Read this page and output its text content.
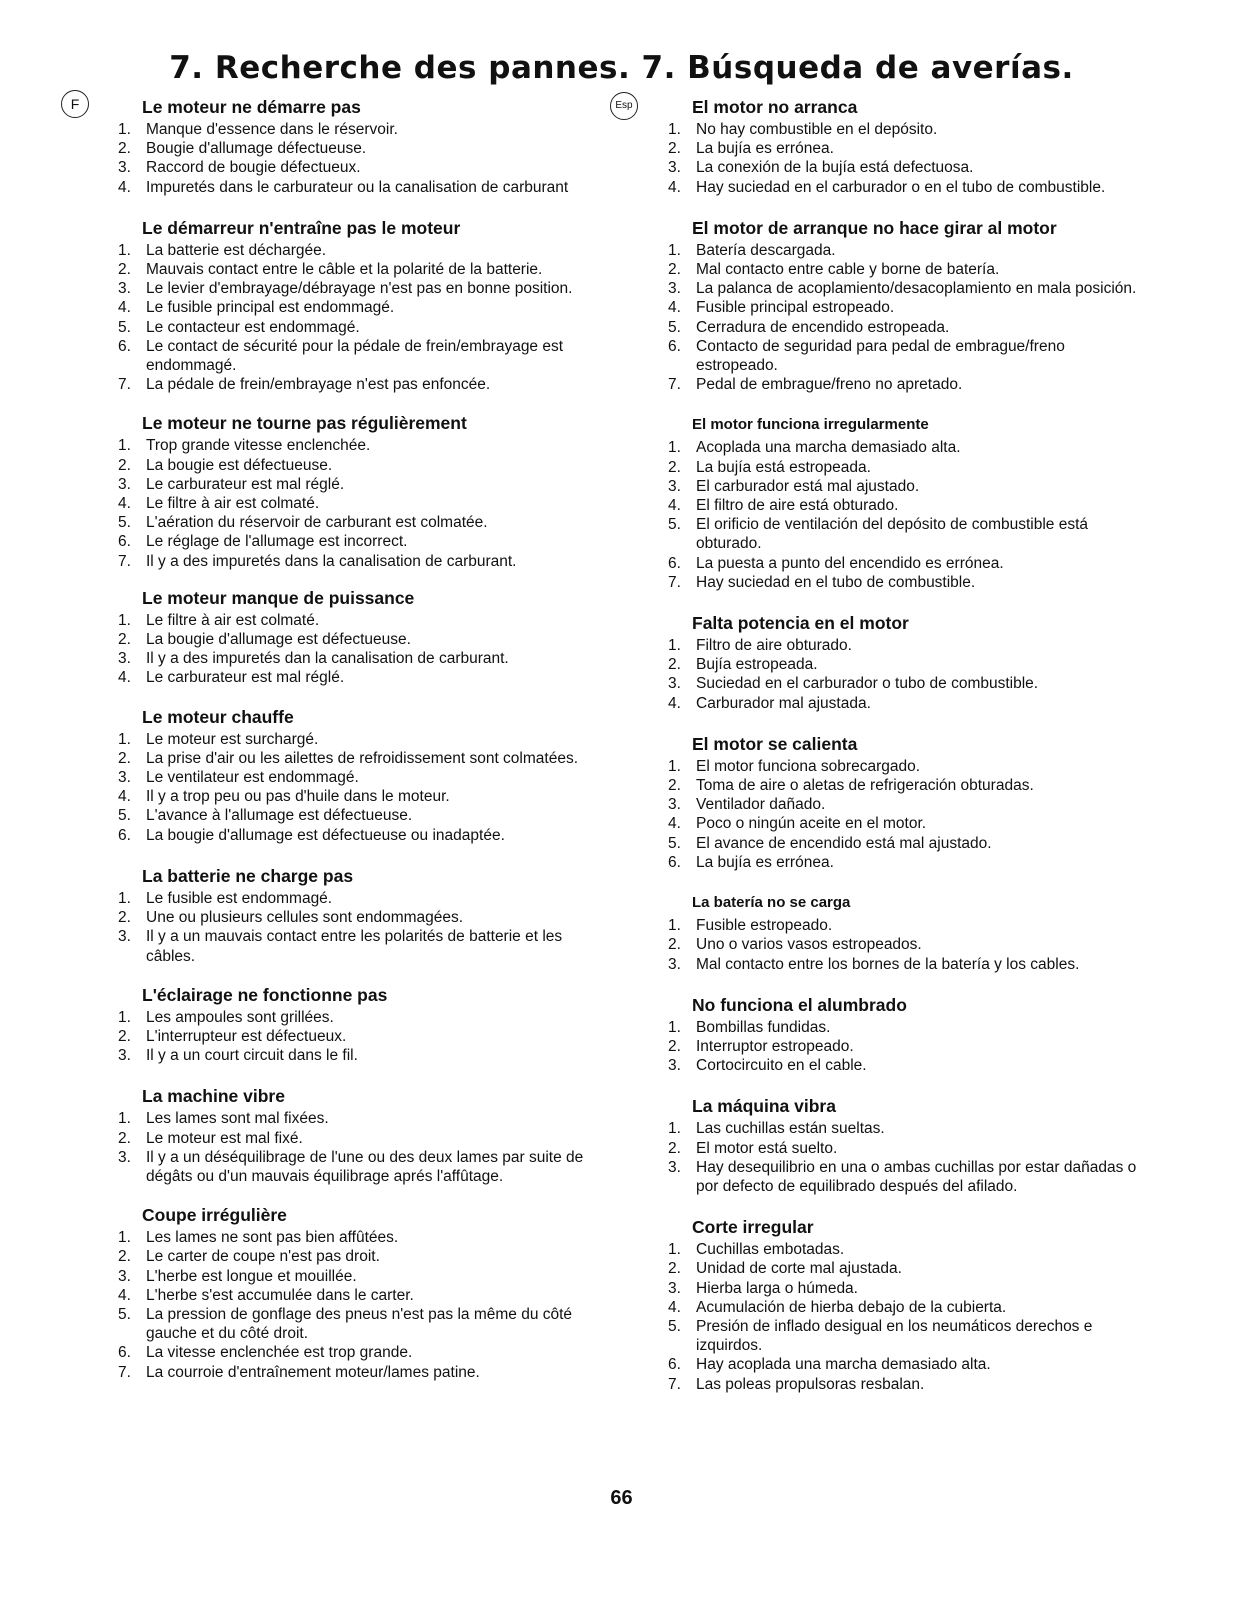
7. Recherche des pannes. 7. Búsqueda de averías.
F	Le moteur ne démarre pas
1. Manque d'essence dans le réservoir.
2. Bougie d'allumage défectueuse.
3. Raccord de bougie défectueux.
4. Impuretés dans le carburateur ou la canalisation de carburant
Le démarreur n'entraîne pas le moteur
1. La batterie est déchargée.
2. Mauvais contact entre le câble et la polarité de la batterie.
3. Le levier d'embrayage/débrayage n'est pas en bonne position.
4. Le fusible principal est endommagé.
5. Le contacteur est endommagé.
6. Le contact de sécurité pour la pédale de frein/embrayage est endommagé.
7. La pédale de frein/embrayage n'est pas enfoncée.
Le moteur ne tourne pas régulièrement
1. Trop grande vitesse enclenchée.
2. La bougie est défectueuse.
3. Le carburateur est mal réglé.
4. Le filtre à air est colmaté.
5. L'aération du réservoir de carburant est colmatée.
6. Le réglage de l'allumage est incorrect.
7. Il y a des impuretés dans la canalisation de carburant.
Le moteur manque de puissance
1. Le filtre à air est colmaté.
2. La bougie d'allumage est défectueuse.
3. Il y a des impuretés dan la canalisation de carburant.
4. Le carburateur est mal réglé.
Le moteur chauffe
1. Le moteur est surchargé.
2. La prise d'air ou les ailettes de refroidissement sont colmatées.
3. Le ventilateur est endommagé.
4. Il y a trop peu ou pas d'huile dans le moteur.
5. L'avance à l'allumage est défectueuse.
6. La bougie d'allumage est défectueuse ou inadaptée.
La batterie ne charge pas
1. Le fusible est endommagé.
2. Une ou plusieurs cellules sont endommagées.
3. Il y a un mauvais contact entre les polarités de batterie et les câbles.
L'éclairage ne fonctionne pas
1. Les ampoules sont grillées.
2. L'interrupteur est défectueux.
3. Il y a un court circuit dans le fil.
La machine vibre
1. Les lames sont mal fixées.
2. Le moteur est mal fixé.
3. Il y a un déséquilibrage de l'une ou des deux lames par suite de dégâts ou d'un mauvais équilibrage aprés l'affûtage.
Coupe irrégulière
1. Les lames ne sont pas bien affûtées.
2. Le carter de coupe n'est pas droit.
3. L'herbe est longue et mouillée.
4. L'herbe s'est accumulée dans le carter.
5. La pression de gonflage des pneus n'est pas la même du côté gauche et du côté droit.
6. La vitesse enclenchée est trop grande.
7. La courroie d'entraînement moteur/lames patine.
Esp	El motor no arranca
1. No hay combustible en el depósito.
2. La bujía es errónea.
3. La conexión de la bujía está defectuosa.
4. Hay suciedad en el carburador o en el tubo de combustible.
El motor de arranque no hace girar al motor
1. Batería descargada.
2. Mal contacto entre cable y borne de batería.
3. La palanca de acoplamiento/desacoplamiento en mala posición.
4. Fusible principal estropeado.
5. Cerradura de encendido estropeada.
6. Contacto de seguridad para pedal de embrague/freno estropeado.
7. Pedal de embrague/freno no apretado.
El motor funciona irregularmente
1. Acoplada una marcha demasiado alta.
2. La bujía está estropeada.
3. El carburador está mal ajustado.
4. El filtro de aire está obturado.
5. El orificio de ventilación del depósito de combustible está obturado.
6. La puesta a punto del encendido es errónea.
7. Hay suciedad en el tubo de combustible.
Falta potencia en el motor
1. Filtro de aire obturado.
2. Bujía estropeada.
3. Suciedad en el carburador o tubo de combustible.
4. Carburador mal ajustada.
El motor se calienta
1. El motor funciona sobrecargado.
2. Toma de aire o aletas de refrigeración obturadas.
3. Ventilador dañado.
4. Poco o ningún aceite en el motor.
5. El avance de encendido está mal ajustado.
6. La bujía es errónea.
La batería no se carga
1. Fusible estropeado.
2. Uno o varios vasos estropeados.
3. Mal contacto entre los bornes de la batería y los cables.
No funciona el alumbrado
1. Bombillas fundidas.
2. Interruptor estropeado.
3. Cortocircuito en el cable.
La máquina vibra
1. Las cuchillas están sueltas.
2. El motor está suelto.
3. Hay desequilibrio en una o ambas cuchillas por estar dañadas o por defecto de equilibrado después del afilado.
Corte irregular
1. Cuchillas embotadas.
2. Unidad de corte mal ajustada.
3. Hierba larga o húmeda.
4. Acumulación de hierba debajo de la cubierta.
5. Presión de inflado desigual en los neumáticos derechos e izquirdos.
6. Hay acoplada una marcha demasiado alta.
7. Las poleas propulsoras resbalan.
66
